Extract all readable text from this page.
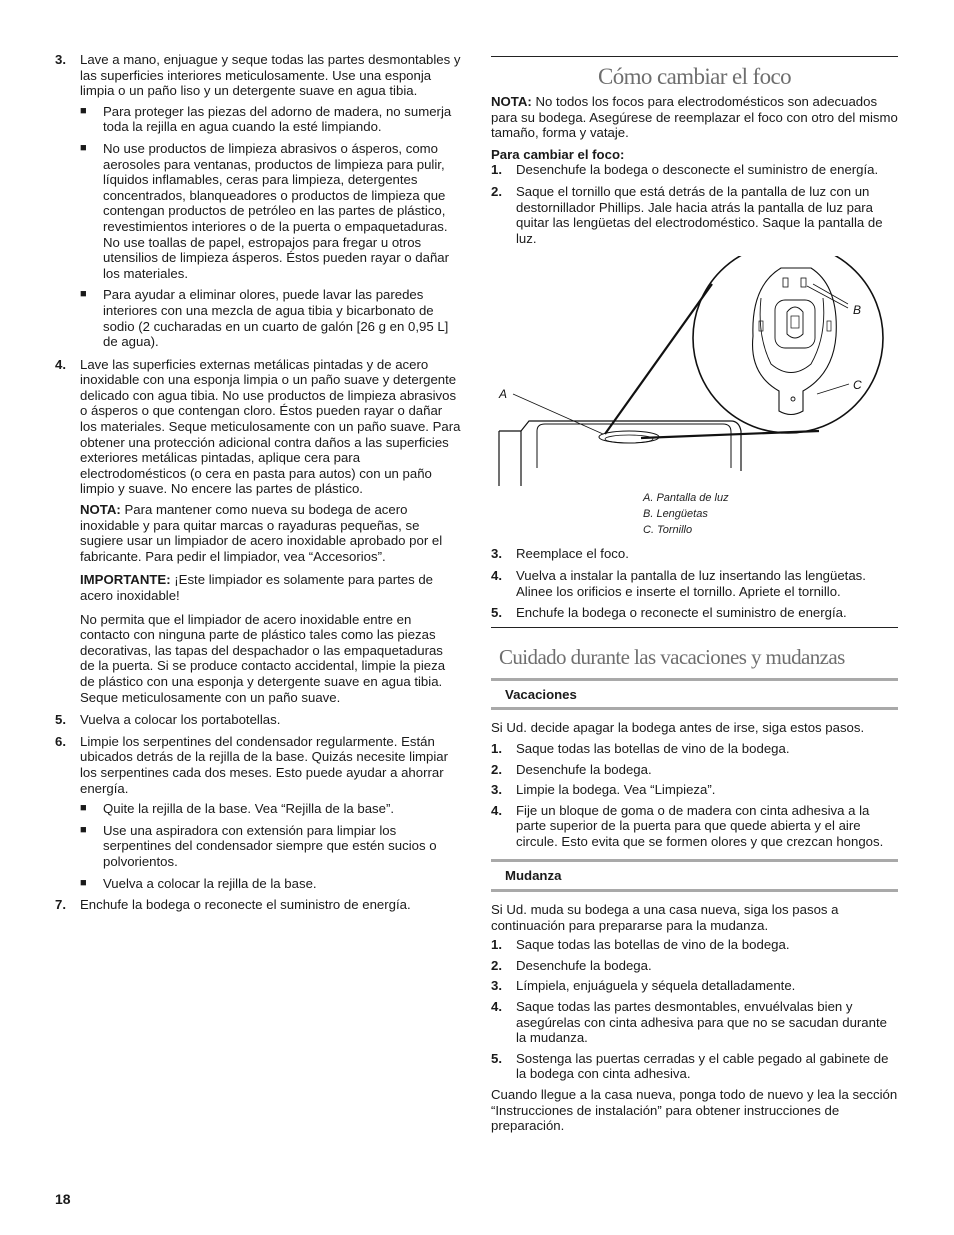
3.	Lave a mano, enjuague y seque todas las partes desmontables y las superficies interiores meticulosamente. Use una esponja limpia o un paño liso y un detergente suave en agua tibia.

■	Para proteger las piezas del adorno de madera, no sumerja toda la rejilla en agua cuando la esté limpiando.

■	No use productos de limpieza abrasivos o ásperos, como aerosoles para ventanas, productos de limpieza para pulir, líquidos inflamables, ceras para limpieza, detergentes concentrados, blanqueadores o productos de limpieza que contengan productos de petróleo en las partes de plástico, revestimientos interiores o de la puerta o empaquetaduras. No use toallas de papel, estropajos para fregar u otros utensilios de limpieza ásperos. Éstos pueden rayar o dañar los materiales.

■	Para ayudar a eliminar olores, puede lavar las paredes interiores con una mezcla de agua tibia y bicarbonato de sodio (2 cucharadas en un cuarto de galón [26 g en 0,95 L] de agua).

4.	Lave las superficies externas metálicas pintadas y de acero inoxidable con una esponja limpia o un paño suave y detergente delicado con agua tibia. No use productos de limpieza abrasivos o ásperos o que contengan cloro. Éstos pueden rayar o dañar los materiales. Seque meticulosamente con un paño suave. Para obtener una protección adicional contra daños a las superficies exteriores metálicas pintadas, aplique cera para electrodomésticos (o cera en pasta para autos) con un paño limpio y suave. No encere las partes de plástico.

NOTA: Para mantener como nueva su bodega de acero inoxidable y para quitar marcas o rayaduras pequeñas, se sugiere usar un limpiador de acero inoxidable aprobado por el fabricante. Para pedir el limpiador, vea “Accesorios”.

IMPORTANTE: ¡Este limpiador es solamente para partes de acero inoxidable!

No permita que el limpiador de acero inoxidable entre en contacto con ninguna parte de plástico tales como las piezas decorativas, las tapas del despachador o las empaquetaduras de la puerta. Si se produce contacto accidental, limpie la pieza de plástico con una esponja y detergente suave en agua tibia. Seque meticulosamente con un paño suave.

5.	Vuelva a colocar los portabotellas.

6.	Limpie los serpentines del condensador regularmente. Están ubicados detrás de la rejilla de la base. Quizás necesite limpiar los serpentines cada dos meses. Esto puede ayudar a ahorrar energía.

■	Quite la rejilla de la base. Vea “Rejilla de la base”.

■	Use una aspiradora con extensión para limpiar los serpentines del condensador siempre que estén sucios o polvorientos.

■	Vuelva a colocar la rejilla de la base.

7.	Enchufe la bodega o reconecte el suministro de energía.

Cómo cambiar el foco

NOTA: No todos los focos para electrodomésticos son adecuados para su bodega. Asegúrese de reemplazar el foco con otro del mismo tamaño, forma y vataje.

Para cambiar el foco:

1.	Desenchufe la bodega o desconecte el suministro de energía.

2.	Saque el tornillo que está detrás de la pantalla de luz con un destornillador Phillips. Jale hacia atrás la pantalla de luz para quitar las lengüetas del electrodoméstico. Saque la pantalla de luz.

A
B
C
A. Pantalla de luz
B. Lengüetas
C. Tornillo
3.	Reemplace el foco.

4.	Vuelva a instalar la pantalla de luz insertando las lengüetas. Alinee los orificios e inserte el tornillo. Apriete el tornillo.

5.	Enchufe la bodega o reconecte el suministro de energía.

Cuidado durante las vacaciones y mudanzas
Vacaciones

Si Ud. decide apagar la bodega antes de irse, siga estos pasos.

1.	Saque todas las botellas de vino de la bodega.

2.	Desenchufe la bodega.

3.	Limpie la bodega. Vea “Limpieza”.

4.	Fije un bloque de goma o de madera con cinta adhesiva a la parte superior de la puerta para que quede abierta y el aire circule. Esto evita que se formen olores y que crezcan hongos.

Mudanza

Si Ud. muda su bodega a una casa nueva, siga los pasos a continuación para prepararse para la mudanza.

1.	Saque todas las botellas de vino de la bodega.

2.	Desenchufe la bodega.

3.	Límpiela, enjuáguela y séquela detalladamente.

4.	Saque todas las partes desmontables, envuélvalas bien y asegúrelas con cinta adhesiva para que no se sacudan durante la mudanza.

5.	Sostenga las puertas cerradas y el cable pegado al gabinete de la bodega con cinta adhesiva.

Cuando llegue a la casa nueva, ponga todo de nuevo y lea la sección “Instrucciones de instalación” para obtener instrucciones de preparación.

18
